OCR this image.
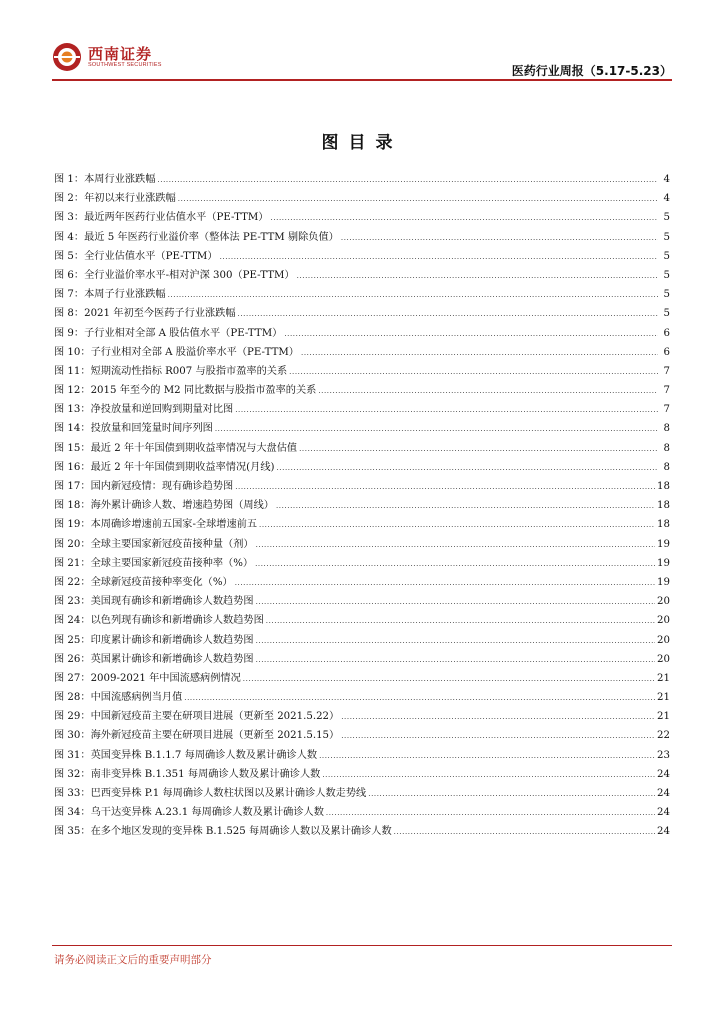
西南证券
SOUTHWEST SECURITIES	医药行业周报（5.17-5.23）
图目录
图 1：本周行业涨跌幅 .....	4
图 2：年初以来行业涨跌幅 .....	4
图 3：最近两年医药行业估值水平（PE-TTM） .....	5
图 4：最近 5 年医药行业溢价率（整体法 PE-TTM 剔除负值） .....	5
图 5：全行业估值水平（PE-TTM） .....	5
图 6：全行业溢价率水平-相对沪深 300（PE-TTM） .....	5
图 7：本周子行业涨跌幅 .....	5
图 8：2021 年初至今医药子行业涨跌幅 .....	5
图 9：子行业相对全部 A 股估值水平（PE-TTM） .....	6
图 10：子行业相对全部 A 股溢价率水平（PE-TTM） .....	6
图 11：短期流动性指标 R007 与股指市盈率的关系 .....	7
图 12：2015 年至今的 M2 同比数据与股指市盈率的关系 .....	7
图 13：净投放量和逆回购到期量对比图 .....	7
图 14：投放量和回笼量时间序列图 .....	8
图 15：最近 2 年十年国债到期收益率情况与大盘估值 .....	8
图 16：最近 2 年十年国债到期收益率情况(月线) .....	8
图 17：国内新冠疫情：现有确诊趋势图 .....	18
图 18：海外累计确诊人数、增速趋势图（周线） .....	18
图 19：本周确诊增速前五国家-全球增速前五 .....	18
图 20：全球主要国家新冠疫苗接种量（剂） .....	19
图 21：全球主要国家新冠疫苗接种率（%） .....	19
图 22：全球新冠疫苗接种率变化（%） .....	19
图 23：美国现有确诊和新增确诊人数趋势图 .....	20
图 24：以色列现有确诊和新增确诊人数趋势图 .....	20
图 25：印度累计确诊和新增确诊人数趋势图 .....	20
图 26：英国累计确诊和新增确诊人数趋势图 .....	20
图 27：2009-2021 年中国流感病例情况 .....	21
图 28：中国流感病例当月值 .....	21
图 29：中国新冠疫苗主要在研项目进展（更新至 2021.5.22） .....	21
图 30：海外新冠疫苗主要在研项目进展（更新至 2021.5.15） .....	22
图 31：英国变异株 B.1.1.7 每周确诊人数及累计确诊人数 .....	23
图 32：南非变异株 B.1.351 每周确诊人数及累计确诊人数 .....	24
图 33：巴西变异株 P.1 每周确诊人数柱状图以及累计确诊人数走势线 .....	24
图 34：乌干达变异株 A.23.1 每周确诊人数及累计确诊人数 .....	24
图 35：在多个地区发现的变异株 B.1.525 每周确诊人数以及累计确诊人数 .....	24
请务必阅读正文后的重要声明部分
